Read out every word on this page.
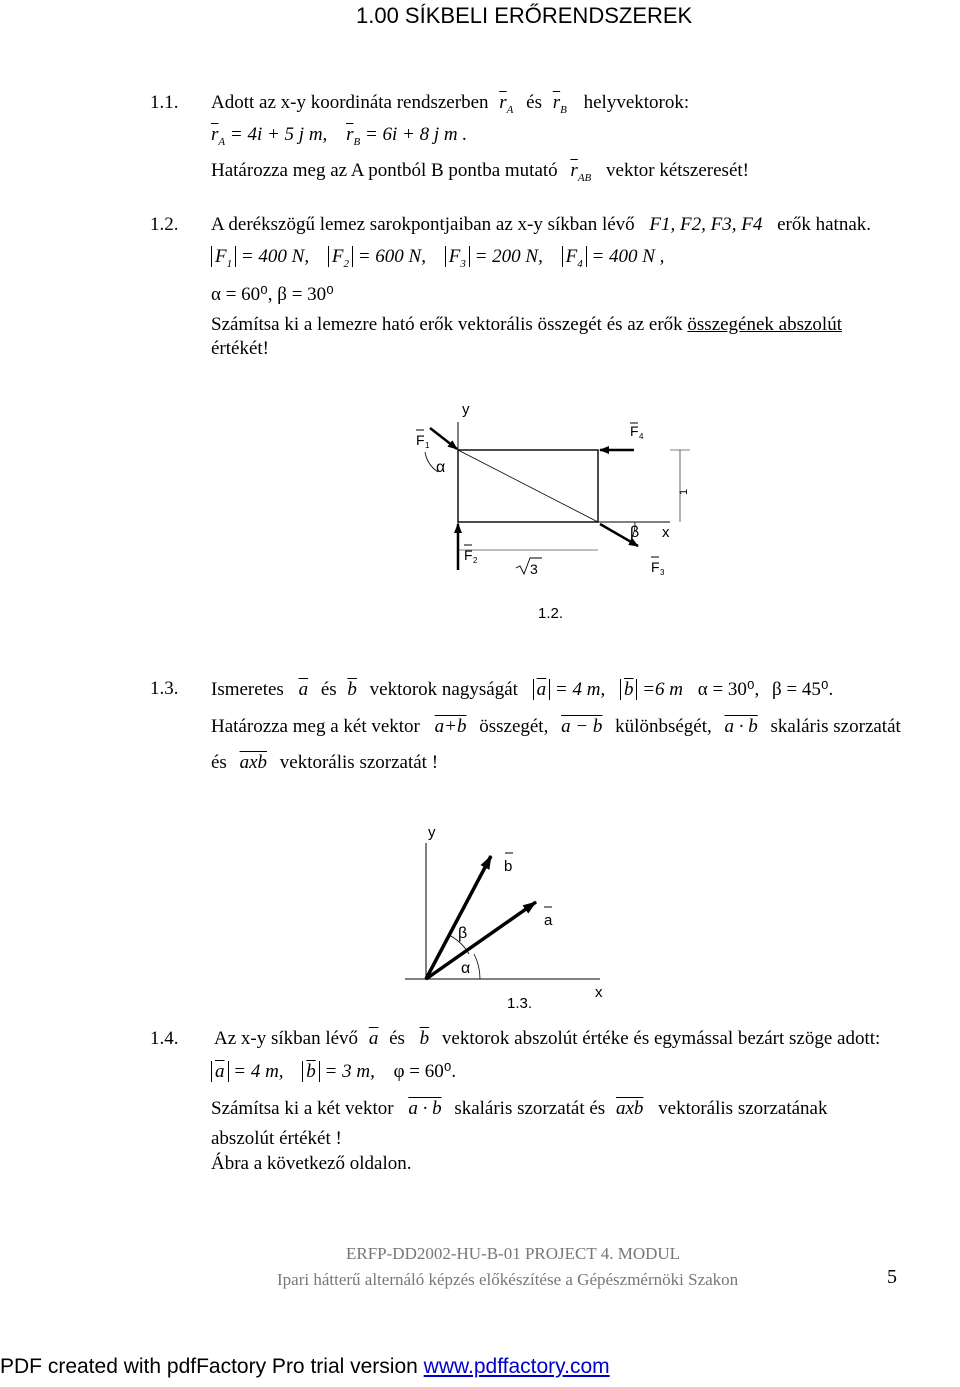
1.00 SÍKBELI ERŐRENDSZEREK
1.1. Adott az x-y koordináta rendszerben $\overline{r}_A$ és $\overline{r}_B$ helyvektorok:
$\overline{r}_A = 4i + 5$ j m, $\overline{r}_B = 6i + 8$ j m .
Határozza meg az A pontból B pontba mutató $\overline{r}_{AB}$ vektor kétszeresét!
1.2. A derékszögű lemez sarokpontjaiban az x-y síkban lévő F1, F2, F3, F4 erők hatnak.
$F_1 = 400$ N, $F_2 = 600$ N, $F_3 = 200$ N, $F_4 = 400$ N ,
α = 60⁰, β = 30⁰
Számítsa ki a lemezre ható erők vektorális összegét és az erők összegének abszolút
értékét!
y
x
1
3
F 1
α
F 4
F 2	F 3
β
1.2.
1.3. Ismeretes $\overline{a}$ és $\overline{b}$ vektorok nagyságát $\overline{a} = 4$ m, $\overline{b} =6$ m α = 30⁰, β = 45⁰.
Határozza meg a két vektor a+b összegét, a − b különbségét, a · b skaláris szorzatát
és $\overline{axb}$ vektorális szorzatát !
y
x
b
a
α
β
1.3.
1.4. Az x-y síkban lévő $\overline{a}$ és $\overline{b}$ vektorok abszolút értéke és egymással bezárt szöge adott:
$\overline{a} = 4$ m, $\overline{b} = 3$ m, φ = 60⁰.
Számítsa ki a két vektor a · b skaláris szorzatát és $\overline{axb}$ vektorális szorzatának
abszolút értékét !
Ábra a következő oldalon.
ERFP-DD2002-HU-B-01 PROJECT 4. MODUL
Ipari hátterű alternáló képzés előkészítése a Gépészmérnöki Szakon	5
PDF created with pdfFactory Pro trial version www.pdffactory.com
